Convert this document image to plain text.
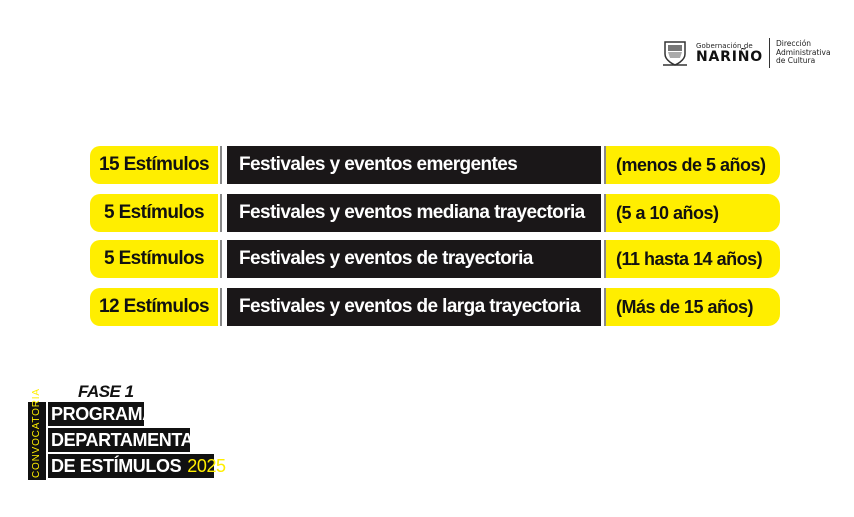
Gobernación de
NARIÑO
Dirección
Administrativa
de Cultura
15 Estímulos	Festivales y eventos emergentes	(menos de 5 años)
5 Estímulos	Festivales y eventos mediana trayectoria	(5 a 10 años)
5 Estímulos	Festivales y eventos de trayectoria	(11 hasta 14 años)
12 Estímulos	Festivales y eventos de larga trayectoria	(Más de 15 años)
FASE 1
CONVOCATORIA PROGRAMA
DEPARTAMENTAL
DE ESTÍMULOS 2025
